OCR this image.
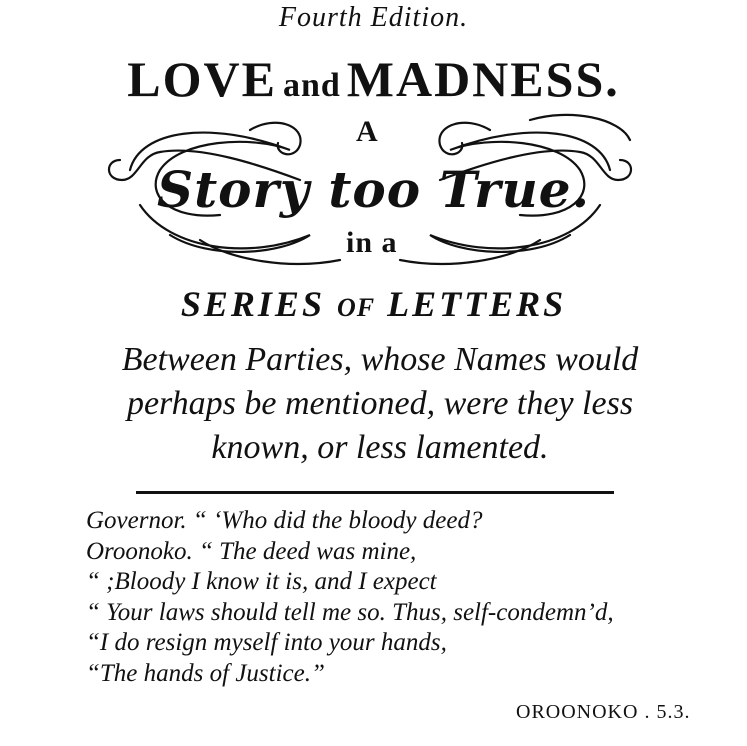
Fourth Edition.
LOVE and MADNESS.
A
Story too True.
in a
SERIES OF LETTERS
Between Parties, whose Names would
perhaps be mentioned, were they less
known, or less lamented.
Governor. “ ‘Who did the bloody deed?
Oroonoko. “ The deed was mine,
“ ;Bloody I know it is, and I expect
“ Your laws should tell me so. Thus, self-condemn’d,
“I do resign myself into your hands,
“The hands of Justice.”
OROONOKO . 5.3.
